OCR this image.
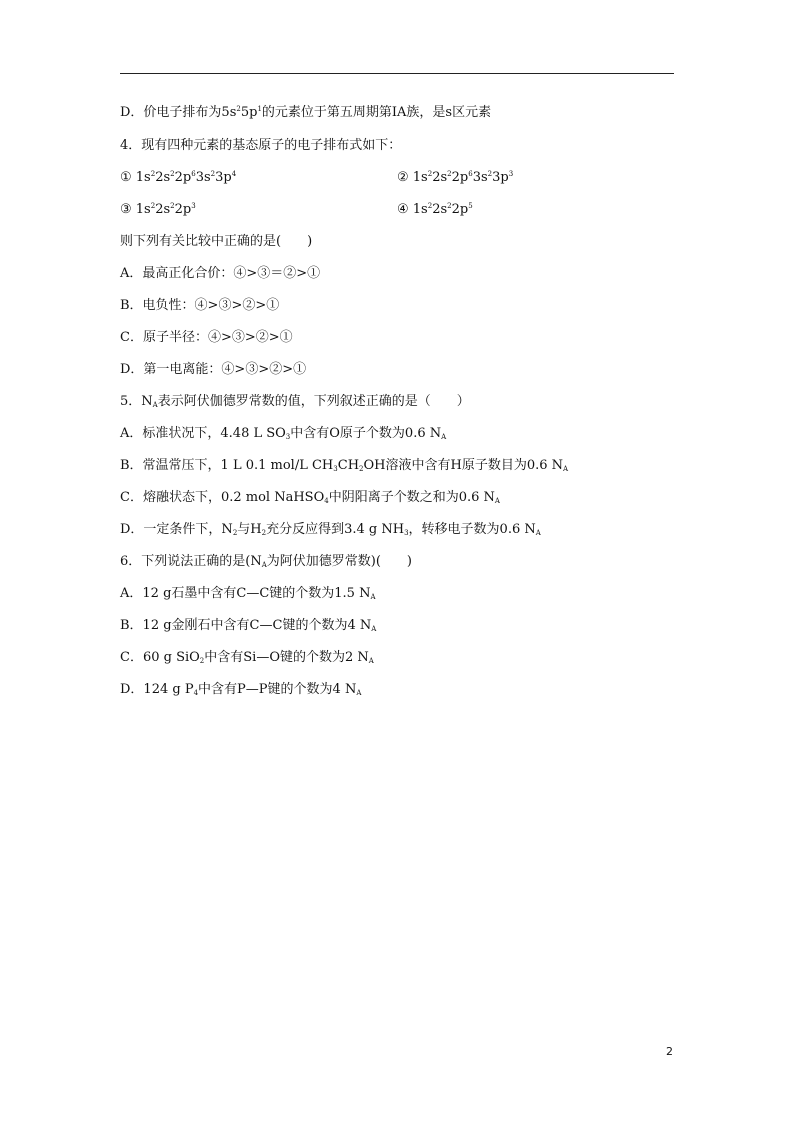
D．价电子排布为$5s^25p^1$的元素位于第五周期第ⅠA族，是s区元素
4．现有四种元素的基态原子的电子排布式如下：
① $1s^22s^22p^63s^23p^4$	② $1s^22s^22p^63s^23p^3$
③ $1s^22s^22p^3$	④ $1s^22s^22p^5$
则下列有关比较中正确的是(　　)
A．最高正化合价：④>③＝②>①
B．电负性：④>③>②>①
C．原子半径：④>③>②>①
D．第一电离能：④>③>②>①
5．$N_A$表示阿伏伽德罗常数的值，下列叙述正确的是（　　）
A．标准状况下，4.48 L $SO_3$中含有O原子个数为0.6 $N_A$
B．常温常压下，1 L 0.1 mol/L $CH_3CH_2OH$溶液中含有H原子数目为0.6 $N_A$
C．熔融状态下，0.2 mol NaHSO$_4$中阴阳离子个数之和为0.6 $N_A$
D．一定条件下，$N_2$与$H_2$充分反应得到3.4 g $NH_3$，转移电子数为0.6 $N_A$
6．下列说法正确的是($N_A$为阿伏加德罗常数)(　　)
A．12 g石墨中含有C—C键的个数为1.5 $N_A$
B．12 g金刚石中含有C—C键的个数为4 $N_A$
C．60 g SiO$_2$中含有Si—O键的个数为2 $N_A$
D．124 g $P_4$中含有P—P键的个数为4 $N_A$
2
